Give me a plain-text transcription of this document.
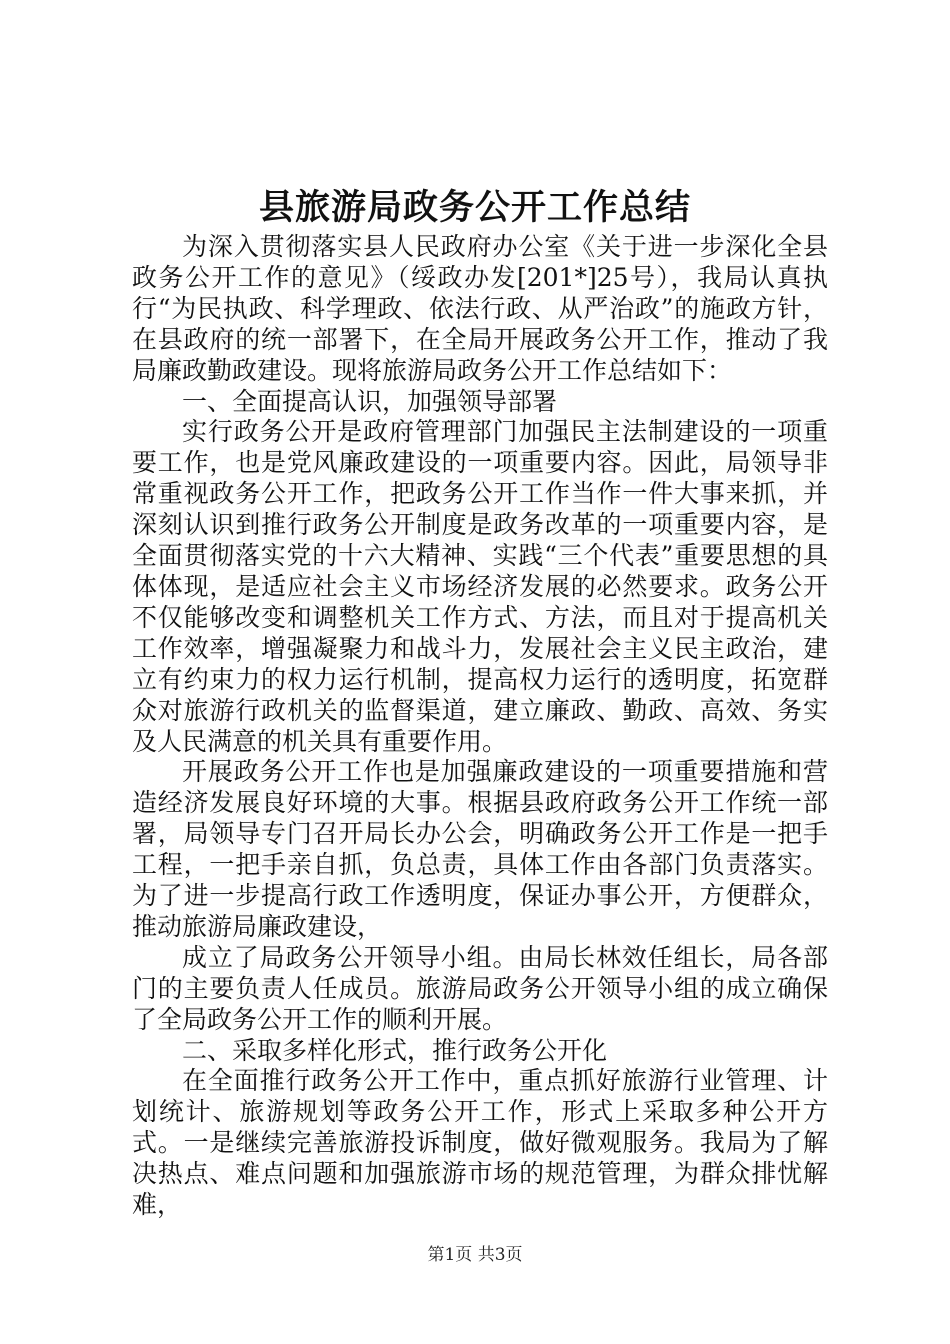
县旅游局政务公开工作总结

为深入贯彻落实县人民政府办公室《关于进一步深化全县政务公开工作的意见》（绥政办发[201*]25号），我局认真执行“为民执政、科学理政、依法行政、从严治政”的施政方针，在县政府的统一部署下，在全局开展政务公开工作，推动了我局廉政勤政建设。现将旅游局政务公开工作总结如下：

一、全面提高认识，加强领导部署

实行政务公开是政府管理部门加强民主法制建设的一项重要工作，也是党风廉政建设的一项重要内容。因此，局领导非常重视政务公开工作，把政务公开工作当作一件大事来抓，并深刻认识到推行政务公开制度是政务改革的一项重要内容，是全面贯彻落实党的十六大精神、实践“三个代表”重要思想的具体体现，是适应社会主义市场经济发展的必然要求。政务公开不仅能够改变和调整机关工作方式、方法，而且对于提高机关工作效率，增强凝聚力和战斗力，发展社会主义民主政治，建立有约束力的权力运行机制，提高权力运行的透明度，拓宽群众对旅游行政机关的监督渠道，建立廉政、勤政、高效、务实及人民满意的机关具有重要作用。

开展政务公开工作也是加强廉政建设的一项重要措施和营造经济发展良好环境的大事。根据县政府政务公开工作统一部署，局领导专门召开局长办公会，明确政务公开工作是一把手工程，一把手亲自抓，负总责，具体工作由各部门负责落实。为了进一步提高行政工作透明度，保证办事公开，方便群众，推动旅游局廉政建设，

成立了局政务公开领导小组。由局长林效任组长，局各部门的主要负责人任成员。旅游局政务公开领导小组的成立确保了全局政务公开工作的顺利开展。

二、采取多样化形式，推行政务公开化

在全面推行政务公开工作中，重点抓好旅游行业管理、计划统计、旅游规划等政务公开工作，形式上采取多种公开方式。一是继续完善旅游投诉制度，做好微观服务。我局为了解决热点、难点问题和加强旅游市场的规范管理，为群众排忧解难，

第1页 共3页
